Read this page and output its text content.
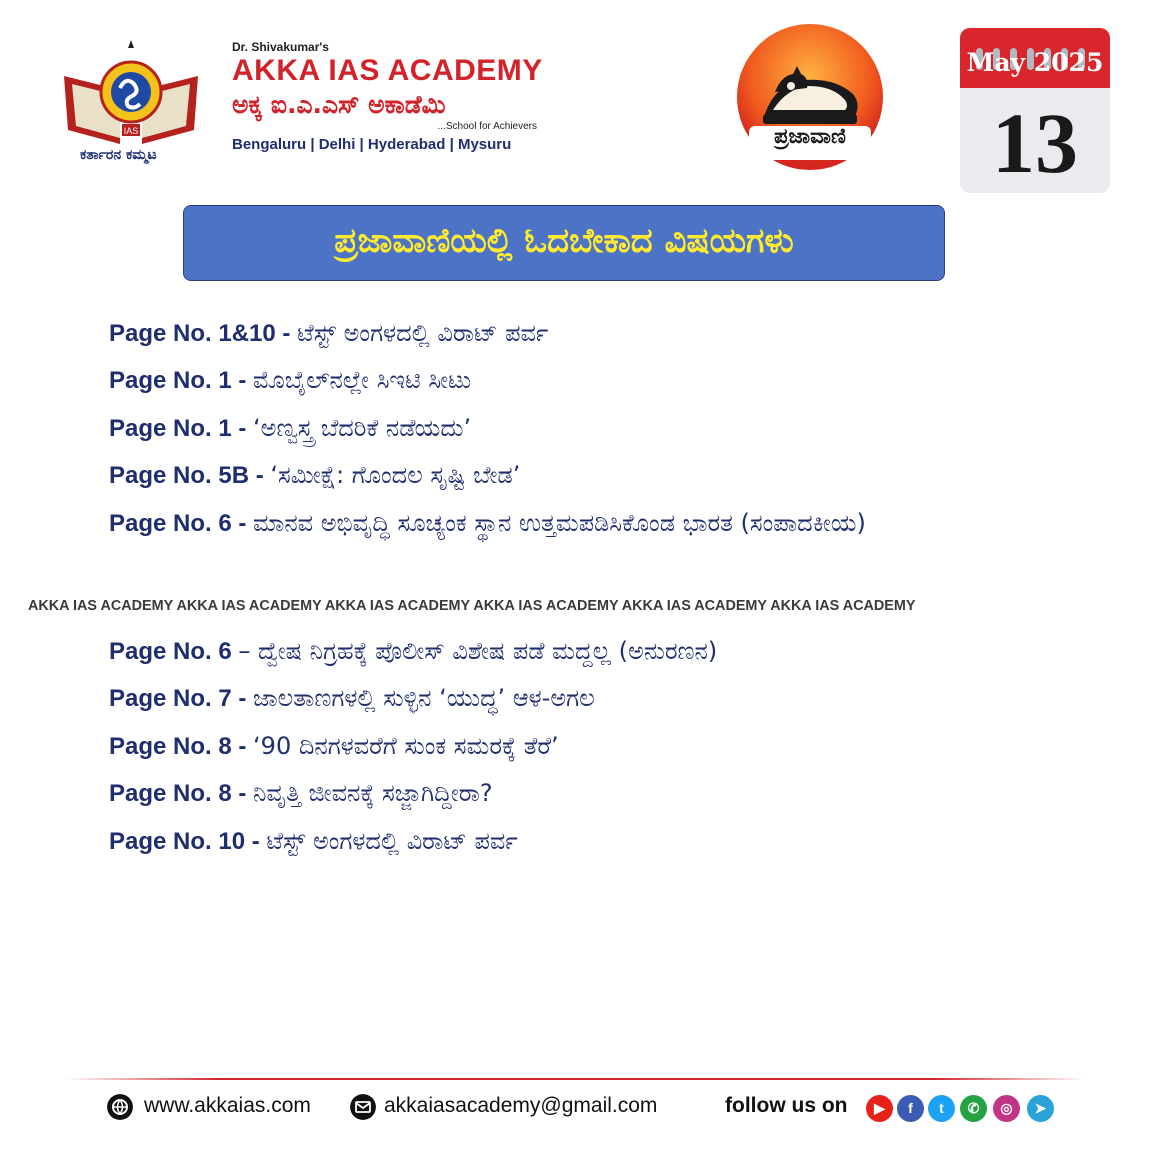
IAS
ಕರ್ತಾರನ ಕಮ್ಮಟ
Dr. Shivakumar's
AKKA IAS ACADEMY
ಅಕ್ಕ ಐ.ಎ.ಎಸ್ ಅಕಾಡೆಮಿ
...School for Achievers
Bengaluru | Delhi | Hyderabad | Mysuru	ಪ್ರಜಾವಾಣಿ
May 2025
13
ಪ್ರಜಾವಾಣಿಯಲ್ಲಿ ಓದಬೇಕಾದ ವಿಷಯಗಳು
Page No. 1&10 - ಟೆಸ್ಟ್ ಅಂಗಳದಲ್ಲಿ ವಿರಾಟ್ ಪರ್ವ
Page No. 1 - ಮೊಬೈಲ್‌ನಲ್ಲೇ ಸಿಇಟಿ ಸೀಟು
Page No. 1 - ‘ಅಣ್ವಸ್ತ್ರ ಬೆದರಿಕೆ ನಡೆಯದು’
Page No. 5B - ‘ಸಮೀಕ್ಷೆ: ಗೊಂದಲ ಸೃಷ್ಟಿ ಬೇಡ’
Page No. 6 - ಮಾನವ ಅಭಿವೃದ್ಧಿ ಸೂಚ್ಯಂಕ ಸ್ಥಾನ ಉತ್ತಮಪಡಿಸಿಕೊಂಡ ಭಾರತ (ಸಂಪಾದಕೀಯ)
AKKA IAS ACADEMY AKKA IAS ACADEMY AKKA IAS ACADEMY AKKA IAS ACADEMY AKKA IAS ACADEMY AKKA IAS ACADEMY
Page No. 6 – ದ್ವೇಷ ನಿಗ್ರಹಕ್ಕೆ ಪೊಲೀಸ್ ವಿಶೇಷ ಪಡೆ ಮದ್ದಲ್ಲ (ಅನುರಣನ)
Page No. 7 - ಜಾಲತಾಣಗಳಲ್ಲಿ ಸುಳ್ಳಿನ ‘ಯುದ್ಧ’ ಆಳ-ಅಗಲ
Page No. 8 - ‘90 ದಿನಗಳವರೆಗೆ ಸುಂಕ ಸಮರಕ್ಕೆ ತೆರೆ’
Page No. 8 - ನಿವೃತ್ತಿ ಜೀವನಕ್ಕೆ ಸಜ್ಜಾಗಿದ್ದೀರಾ?
Page No. 10 - ಟೆಸ್ಟ್ ಅಂಗಳದಲ್ಲಿ ವಿರಾಟ್ ಪರ್ವ
www.akkaias.com	akkaiasacademy@gmail.com	follow us on	▶	f	t	✆	◎	➤
